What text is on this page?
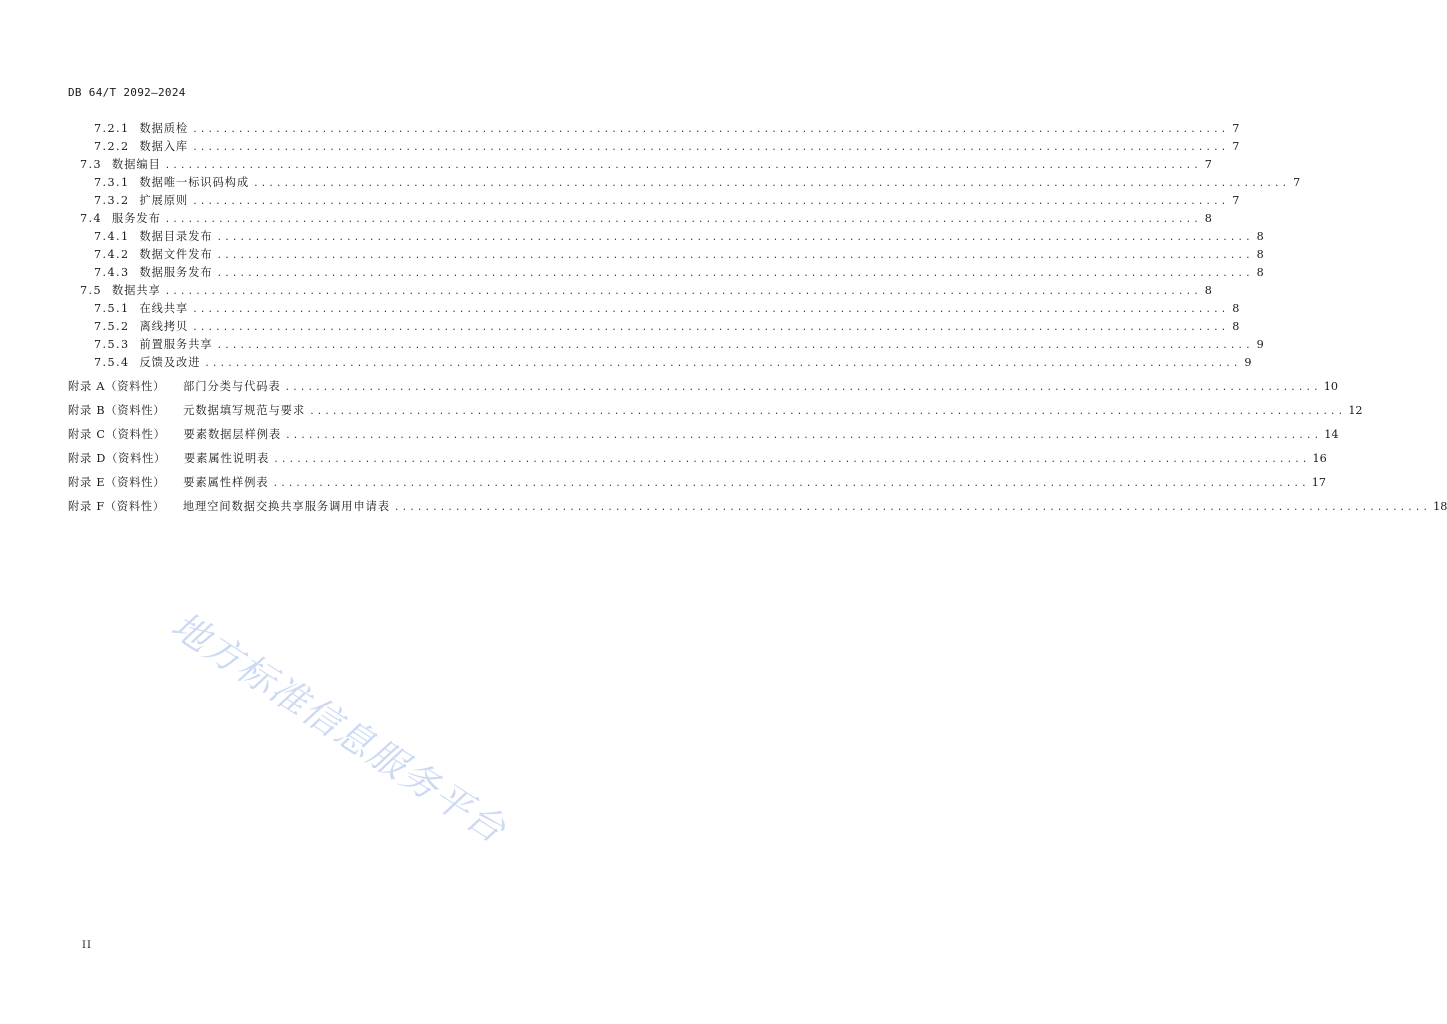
DB 64/T 2092—2024
7.2.1 数据质检 ........................................................................................................................................ 7
7.2.2 数据入库 ........................................................................................................................................ 7
7.3 数据编目 ........................................................................................................................................ 7
7.3.1 数据唯一标识码构成 ........................................................................................................................................ 7
7.3.2 扩展原则 ........................................................................................................................................ 7
7.4 服务发布 ........................................................................................................................................ 8
7.4.1 数据目录发布 ........................................................................................................................................ 8
7.4.2 数据文件发布 ........................................................................................................................................ 8
7.4.3 数据服务发布 ........................................................................................................................................ 8
7.5 数据共享 ........................................................................................................................................ 8
7.5.1 在线共享 ........................................................................................................................................ 8
7.5.2 离线拷贝 ........................................................................................................................................ 8
7.5.3 前置服务共享 ........................................................................................................................................ 9
7.5.4 反馈及改进 ........................................................................................................................................ 9
附录 A（资料性） 部门分类与代码表 ........................................................................................................................................ 10
附录 B（资料性） 元数据填写规范与要求 ........................................................................................................................................ 12
附录 C（资料性） 要素数据层样例表 ........................................................................................................................................ 14
附录 D（资料性） 要素属性说明表 ........................................................................................................................................ 16
附录 E（资料性） 要素属性样例表 ........................................................................................................................................ 17
附录 F（资料性） 地理空间数据交换共享服务调用申请表 ........................................................................................................................................ 18
地方标准信息服务平台
II
